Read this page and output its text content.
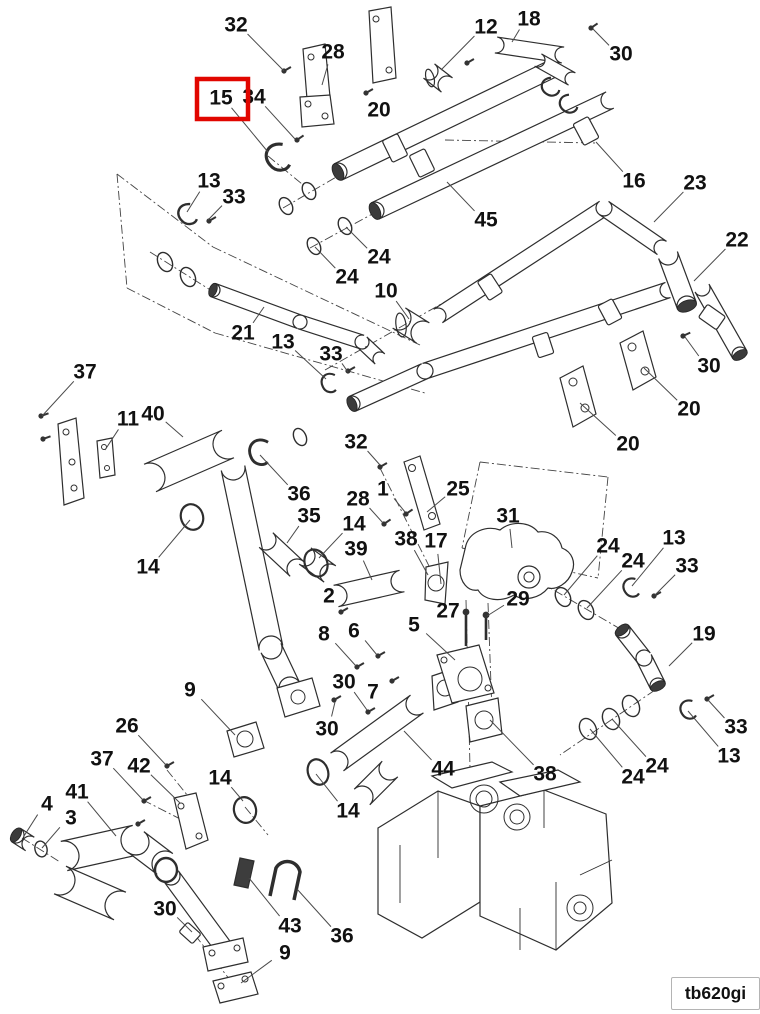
32
28
12 18
30
15 34
20
13
33
45
16 23
22
24
24
10
21 13
33
30
20
20
37
11 40
36
35
14
32
1	25
28
38 17
31
39
14
2
27
29
5
8 6
30 7
30
44
14
38
24
24
13
33
19
33
13
24
24
9
26
37 42
14
41
4
3
30
43 36
9
tb620gi
